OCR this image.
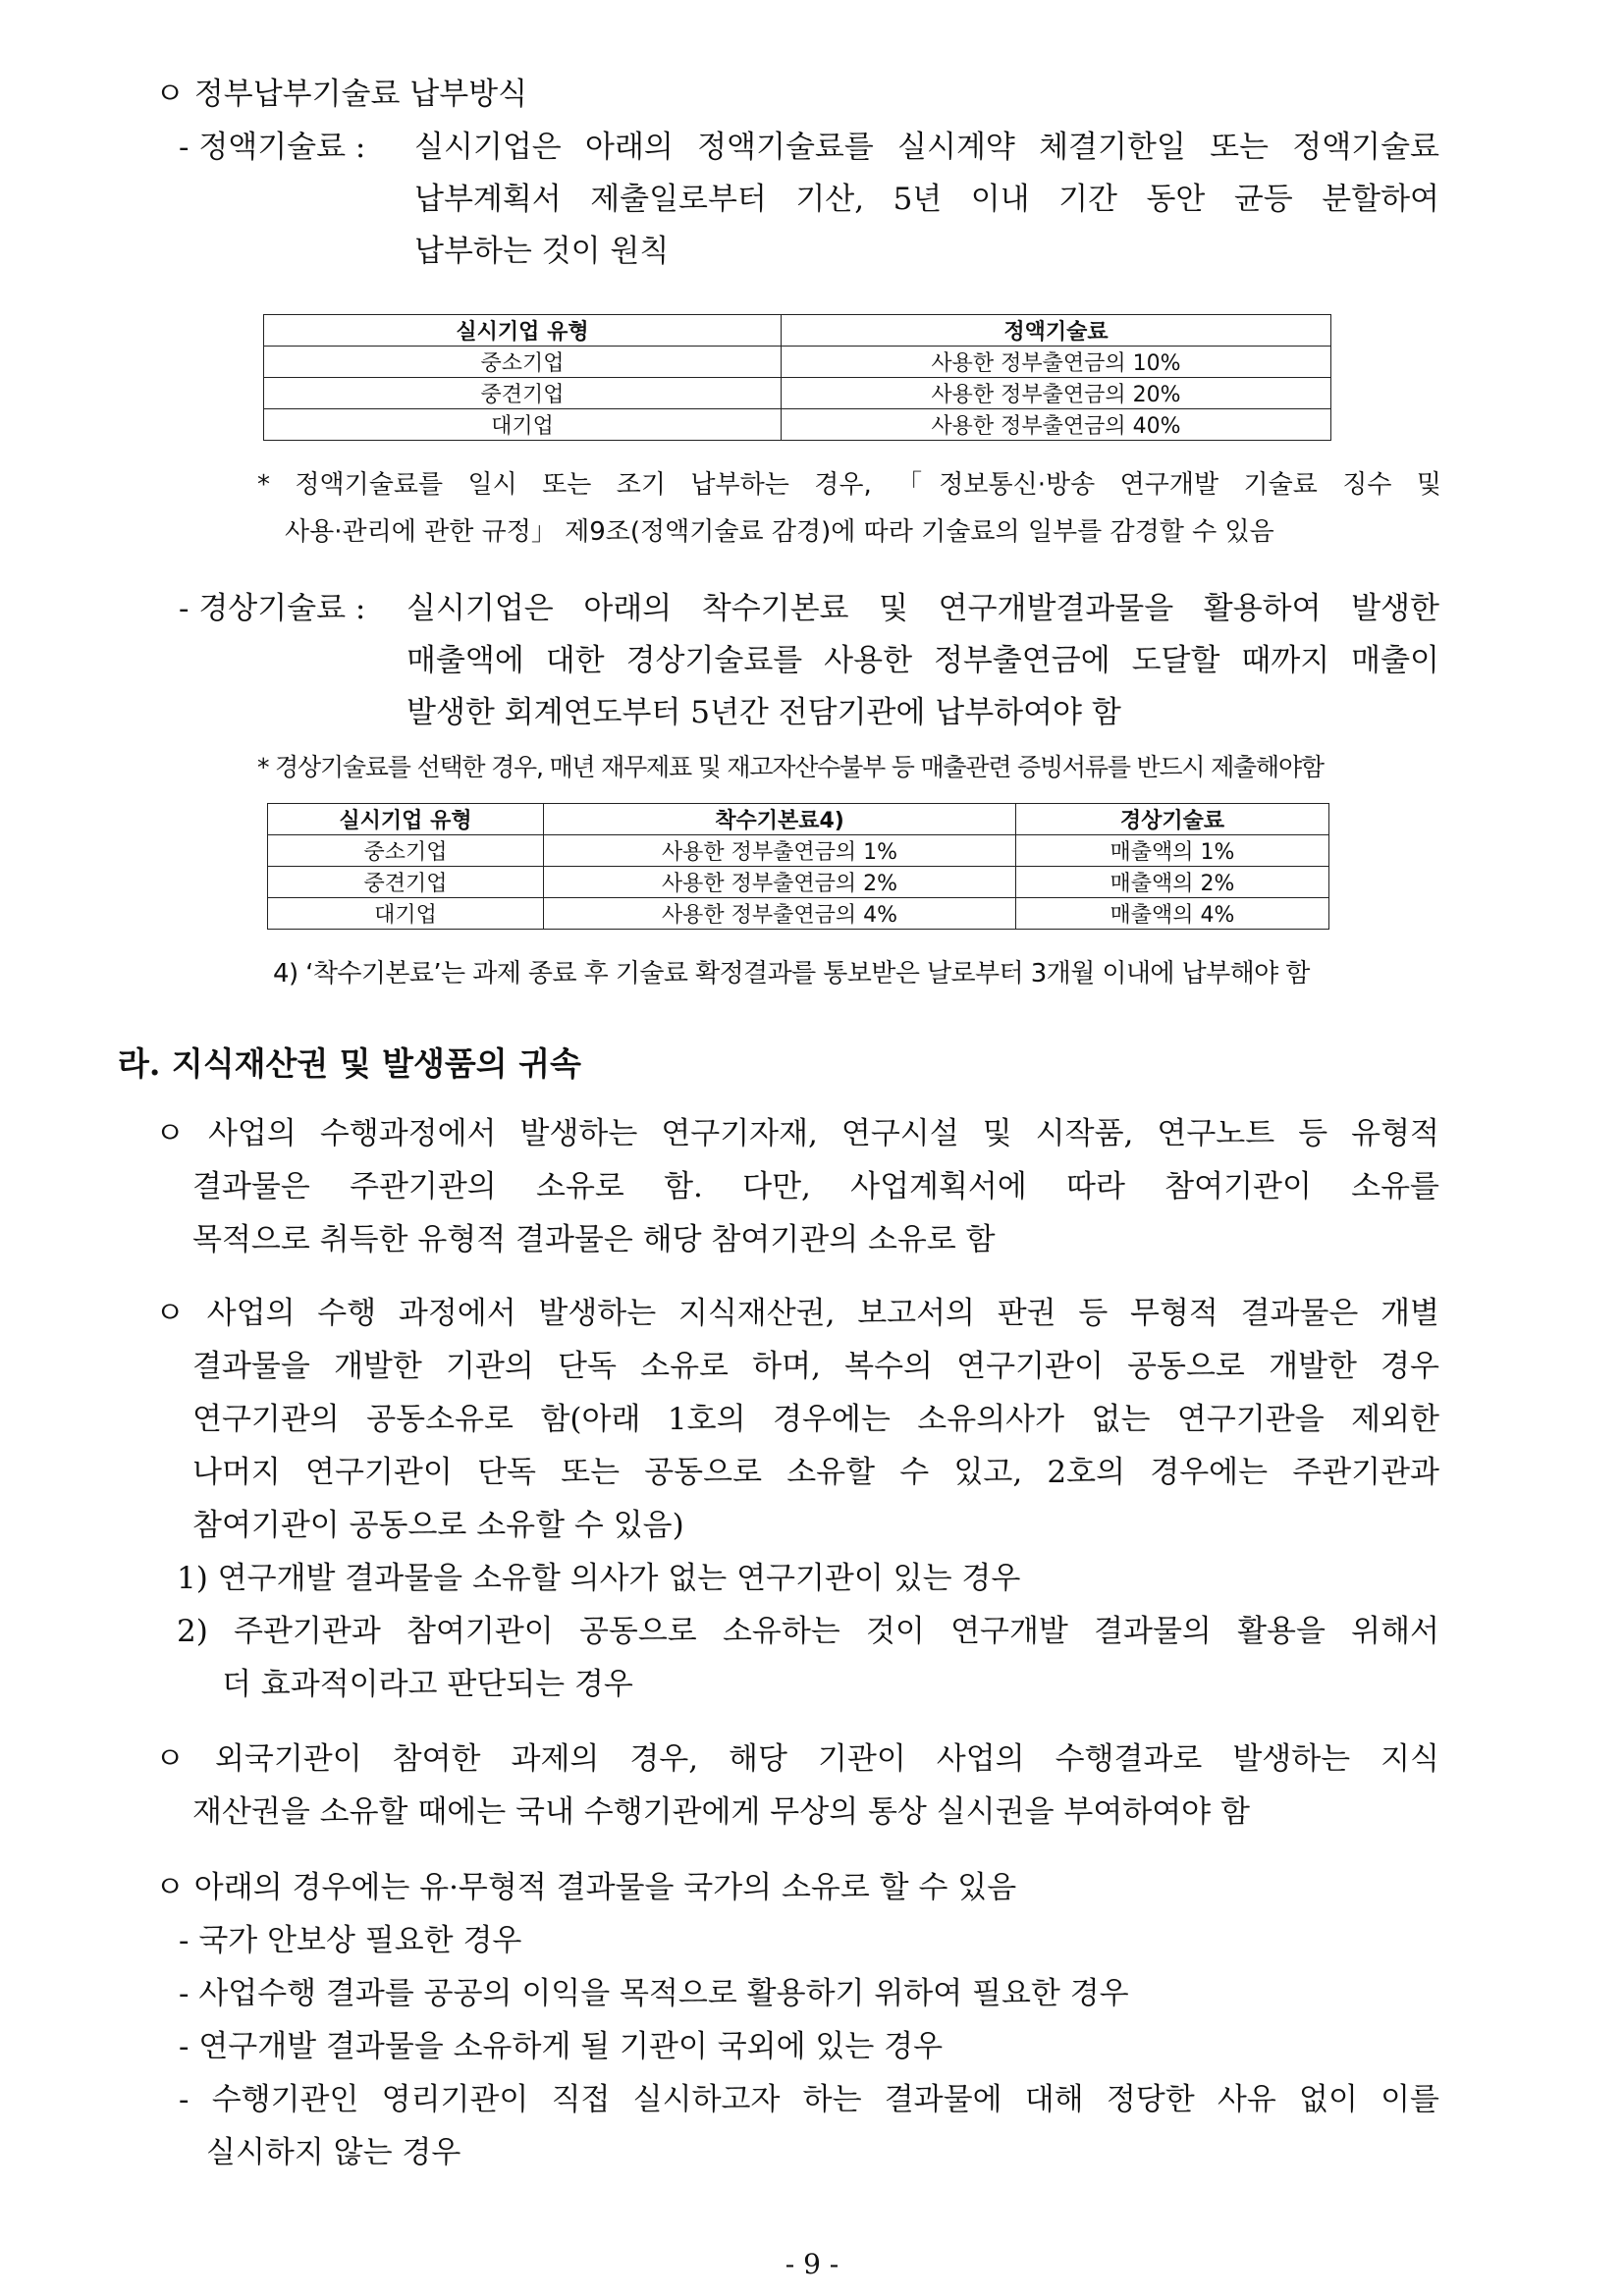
ㅇ 정부납부기술료 납부방식
- 정액기술료 : 실시기업은 아래의 정액기술료를 실시계약 체결기한일 또는 정액기술료
납부계획서 제출일로부터 기산, 5년 이내 기간 동안 균등 분할하여
납부하는 것이 원칙
실시기업 유형	정액기술료
중소기업	사용한 정부출연금의 10%
중견기업	사용한 정부출연금의 20%
대기업	사용한 정부출연금의 40%
* 정액기술료를 일시 또는 조기 납부하는 경우, 「정보통신·방송 연구개발 기술료 징수 및
사용·관리에 관한 규정」 제9조(정액기술료 감경)에 따라 기술료의 일부를 감경할 수 있음
- 경상기술료 : 실시기업은 아래의 착수기본료 및 연구개발결과물을 활용하여 발생한
매출액에 대한 경상기술료를 사용한 정부출연금에 도달할 때까지 매출이
발생한 회계연도부터 5년간 전담기관에 납부하여야 함
* 경상기술료를 선택한 경우, 매년 재무제표 및 재고자산수불부 등 매출관련 증빙서류를 반드시 제출해야함
실시기업 유형	착수기본료4)	경상기술료
중소기업	사용한 정부출연금의 1%	매출액의 1%
중견기업	사용한 정부출연금의 2%	매출액의 2%
대기업	사용한 정부출연금의 4%	매출액의 4%
4) ‘착수기본료’는 과제 종료 후 기술료 확정결과를 통보받은 날로부터 3개월 이내에 납부해야 함
라. 지식재산권 및 발생품의 귀속
ㅇ 사업의 수행과정에서 발생하는 연구기자재, 연구시설 및 시작품, 연구노트 등 유형적
결과물은 주관기관의 소유로 함. 다만, 사업계획서에 따라 참여기관이 소유를
목적으로 취득한 유형적 결과물은 해당 참여기관의 소유로 함
ㅇ 사업의 수행 과정에서 발생하는 지식재산권, 보고서의 판권 등 무형적 결과물은 개별
결과물을 개발한 기관의 단독 소유로 하며, 복수의 연구기관이 공동으로 개발한 경우
연구기관의 공동소유로 함(아래 1호의 경우에는 소유의사가 없는 연구기관을 제외한
나머지 연구기관이 단독 또는 공동으로 소유할 수 있고, 2호의 경우에는 주관기관과
참여기관이 공동으로 소유할 수 있음)
1) 연구개발 결과물을 소유할 의사가 없는 연구기관이 있는 경우
2) 주관기관과 참여기관이 공동으로 소유하는 것이 연구개발 결과물의 활용을 위해서
더 효과적이라고 판단되는 경우
ㅇ 외국기관이 참여한 과제의 경우, 해당 기관이 사업의 수행결과로 발생하는 지식
재산권을 소유할 때에는 국내 수행기관에게 무상의 통상 실시권을 부여하여야 함
ㅇ 아래의 경우에는 유·무형적 결과물을 국가의 소유로 할 수 있음
- 국가 안보상 필요한 경우
- 사업수행 결과를 공공의 이익을 목적으로 활용하기 위하여 필요한 경우
- 연구개발 결과물을 소유하게 될 기관이 국외에 있는 경우
- 수행기관인 영리기관이 직접 실시하고자 하는 결과물에 대해 정당한 사유 없이 이를
실시하지 않는 경우
- 9 -
